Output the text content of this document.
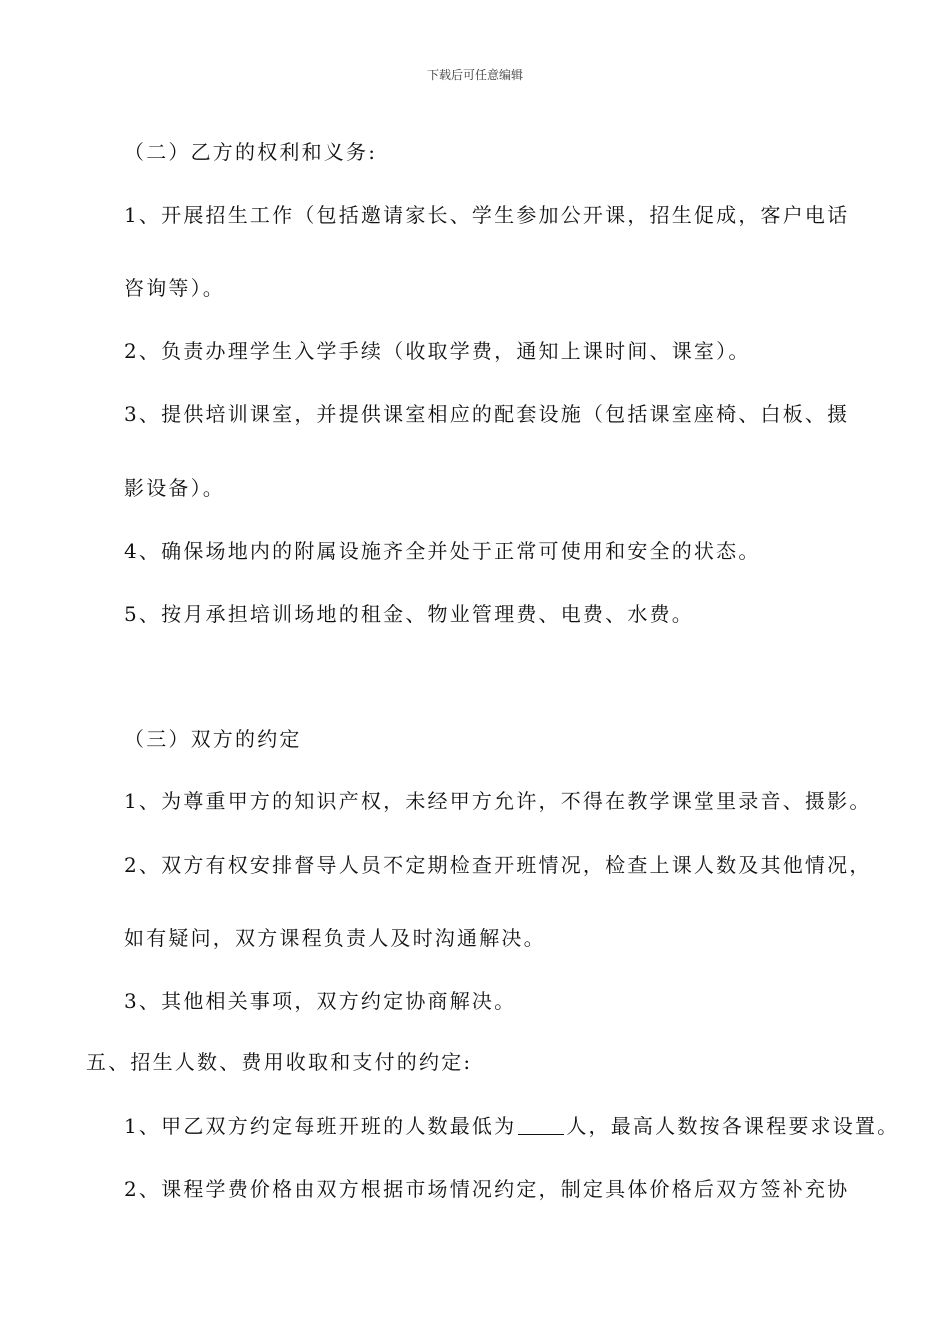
下载后可任意编辑
（二）乙方的权利和义务:
1、开展招生工作（包括邀请家长、学生参加公开课，招生促成，客户电话
咨询等）。
2、负责办理学生入学手续（收取学费，通知上课时间、课室）。
3、提供培训课室，并提供课室相应的配套设施（包括课室座椅、白板、摄
影设备）。
4、确保场地内的附属设施齐全并处于正常可使用和安全的状态。
5、按月承担培训场地的租金、物业管理费、电费、水费。
（三）双方的约定
1、为尊重甲方的知识产权，未经甲方允许，不得在教学课堂里录音、摄影。
2、双方有权安排督导人员不定期检查开班情况，检查上课人数及其他情况，
如有疑问，双方课程负责人及时沟通解决。
3、其他相关事项，双方约定协商解决。
五、招生人数、费用收取和支付的约定:
1、甲乙双方约定每班开班的人数最低为	人，最高人数按各课程要求设置。
2、课程学费价格由双方根据市场情况约定，制定具体价格后双方签补充协
